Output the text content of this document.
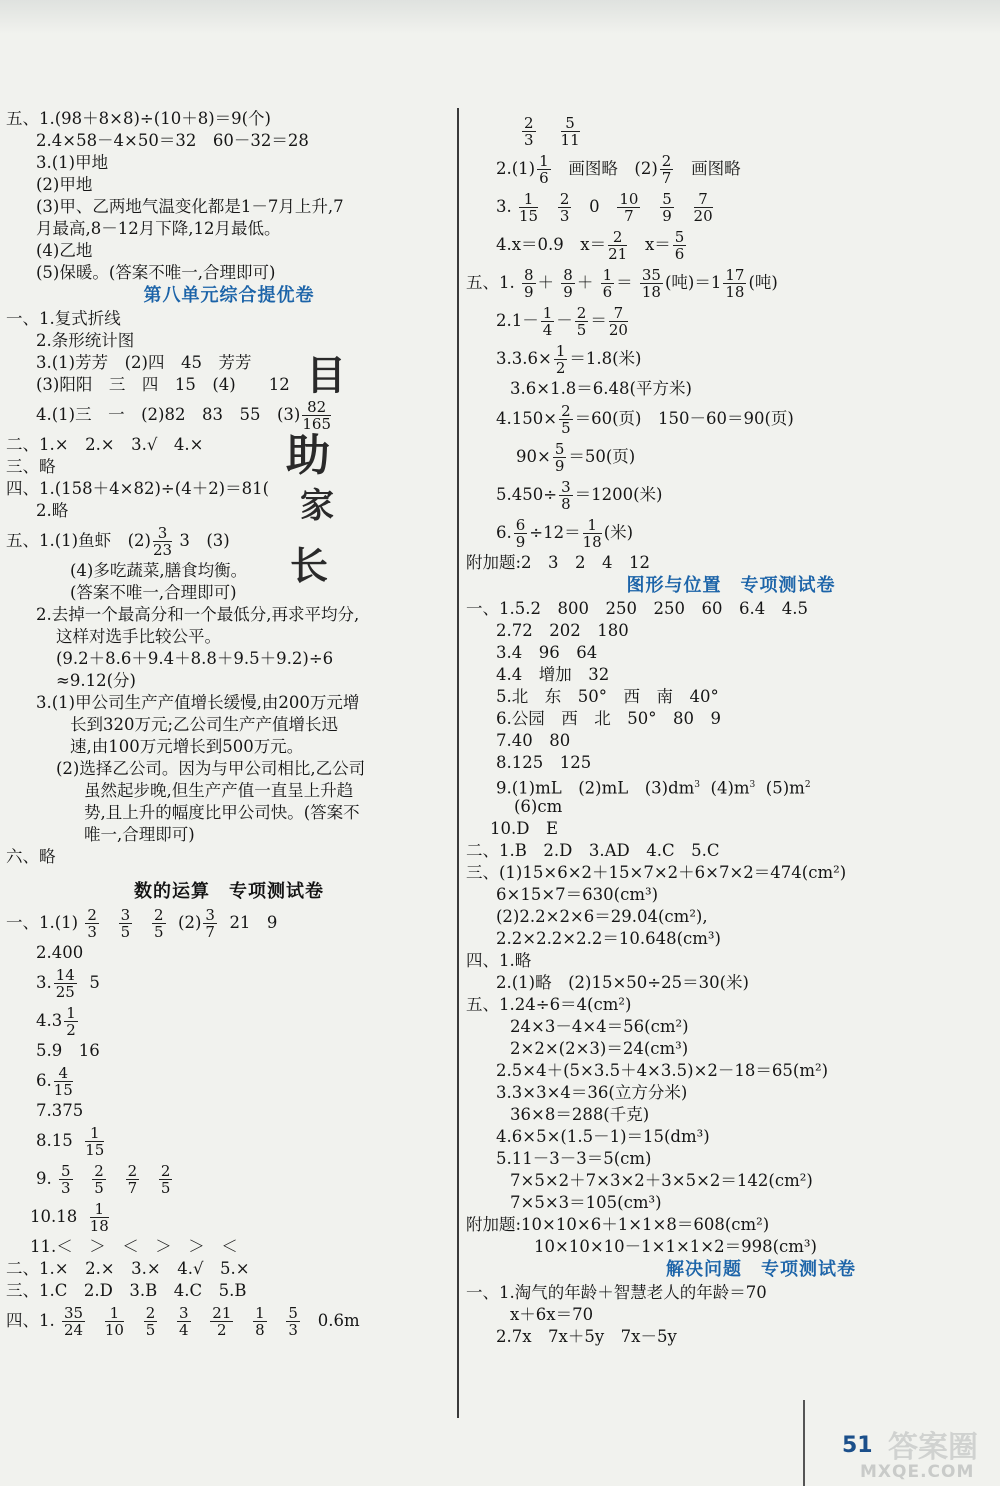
五、1.(98＋8×8)÷(10＋8)＝9(个)
2.4×58－4×50＝32　60－32＝28
3.(1)甲地
(2)甲地
(3)甲、乙两地气温变化都是1－7月上升,7
月最高,8－12月下降,12月最低。
(4)乙地
(5)保暖。(答案不唯一,合理即可)
第八单元综合提优卷
一、1.复式折线
2.条形统计图
3.(1)芳芳　(2)四　45　芳芳
(3)阳阳　三　四　15　(4)　　12
4.(1)三　一　(2)82　83　55　$(3) \frac{82}{165}$
二、1.×　2.×　3.√　4.×
三、略
四、1.(158＋4×82)÷(4＋2)＝81(
2.略
五、1.(1)鱼虾　$(2) \frac{3}{23} 3$　(3)
(4)多吃蔬菜,膳食均衡。
(答案不唯一,合理即可)
2.去掉一个最高分和一个最低分,再求平均分,
这样对选手比较公平。
(9.2＋8.6＋9.4＋8.8＋9.5＋9.2)÷6
≈9.12(分)
3.(1)甲公司生产产值增长缓慢,由200万元增
长到320万元;乙公司生产产值增长迅
速,由100万元增长到500万元。
(2)选择乙公司。因为与甲公司相比,乙公司
虽然起步晚,但生产产值一直呈上升趋
势,且上升的幅度比甲公司快。(答案不
唯一,合理即可)
六、略
数的运算　专项测试卷
一、$1.(1) \frac{2}{3}$
$\frac{3}{5}$
$\frac{2}{5} (2) \frac{3}{7} 21$　9
2.400
3. $\frac{14}{25} 5$
$4.3 \frac{1}{2}$
5.9　16
6. $\frac{4}{15}$
7.375
$8.15 \frac{1}{15}$
9. $\frac{5}{3}$
$\frac{2}{5}$
$\frac{2}{7}$
$\frac{2}{5}$
$10.18 \frac{1}{18}$
11.＜　＞　＜　＞　＞　＜
二、1.×　2.×　3.×　4.√　5.×
三、1.C　2.D　3.B　4.C　5.B
四、1. $\frac{35}{24}$
$\frac{1}{10}$
$\frac{2}{5}$
$\frac{3}{4}$
$\frac{21}{2}$
$\frac{1}{8}$
$\frac{5}{3} 0.6m$
目
助
家
长
$\frac{2}{3}$
$\frac{5}{11}$
$2.(1) \frac{1}{6}$ 画图略　$(2) \frac{2}{7}$ 画图略
3. $\frac{1}{15}$
$\frac{2}{3} 0 \frac{10}{7}$
$\frac{5}{9}$
$\frac{7}{20}$
4.x＝0.9　$x= \frac{2}{21} x= \frac{5}{6}$
五、1. $\frac{8}{9} + \frac{8}{9} + \frac{1}{6} = \frac{35}{18}$ (吨)$=1 \frac{17}{18}$ (吨)
$2.1- \frac{1}{4} - \frac{2}{5} = \frac{7}{20}$
$3.3.6\times \frac{1}{2} =1.8$(米)
3.6×1.8＝6.48(平方米)
$4.150\times \frac{2}{5} =60$(页)　150－60＝90(页)
$90\times \frac{5}{9} =50$(页)
$5.450\div \frac{3}{8} =1200$(米)
6. $\frac{6}{9} \div 12= \frac{1}{18}$ (米)
附加题:2　3　2　4　12
图形与位置　专项测试卷
一、1.5.2　800　250　250　60　6.4　4.5
2.72　202　180
3.4　96　64
4.4　增加　32
5.北　东　50°　西　南　40°
6.公园　西　北　50°　80　9
7.40　80
8.125　125
9.(1)mL　(2)mL　$(3)dm^3$ $(4)m^3$ $(5)m^2$
(6)cm
10.D　E
二、1.B　2.D　3.AD　4.C　5.C
三、(1)15×6×2＋15×7×2＋6×7×2＝474(cm²)
6×15×7＝630(cm³)
(2)2.2×2×6＝29.04(cm²),
2.2×2.2×2.2＝10.648(cm³)
四、1.略
2.(1)略　(2)15×50÷25＝30(米)
五、1.24÷6＝4(cm²)
24×3－4×4＝56(cm²)
2×2×(2×3)＝24(cm³)
2.5×4＋(5×3.5＋4×3.5)×2－18＝65(m²)
3.3×3×4＝36(立方分米)
36×8＝288(千克)
4.6×5×(1.5－1)＝15(dm³)
5.11－3－3＝5(cm)
7×5×2＋7×3×2＋3×5×2＝142(cm²)
7×5×3＝105(cm³)
附加题:10×10×6＋1×1×8＝608(cm²)
10×10×10－1×1×1×2＝998(cm³)
解决问题　专项测试卷
一、1.淘气的年龄＋智慧老人的年龄＝70
x＋6x＝70
2.7x　7x＋5y　7x－5y
答案圈
51
MXQE.COM
